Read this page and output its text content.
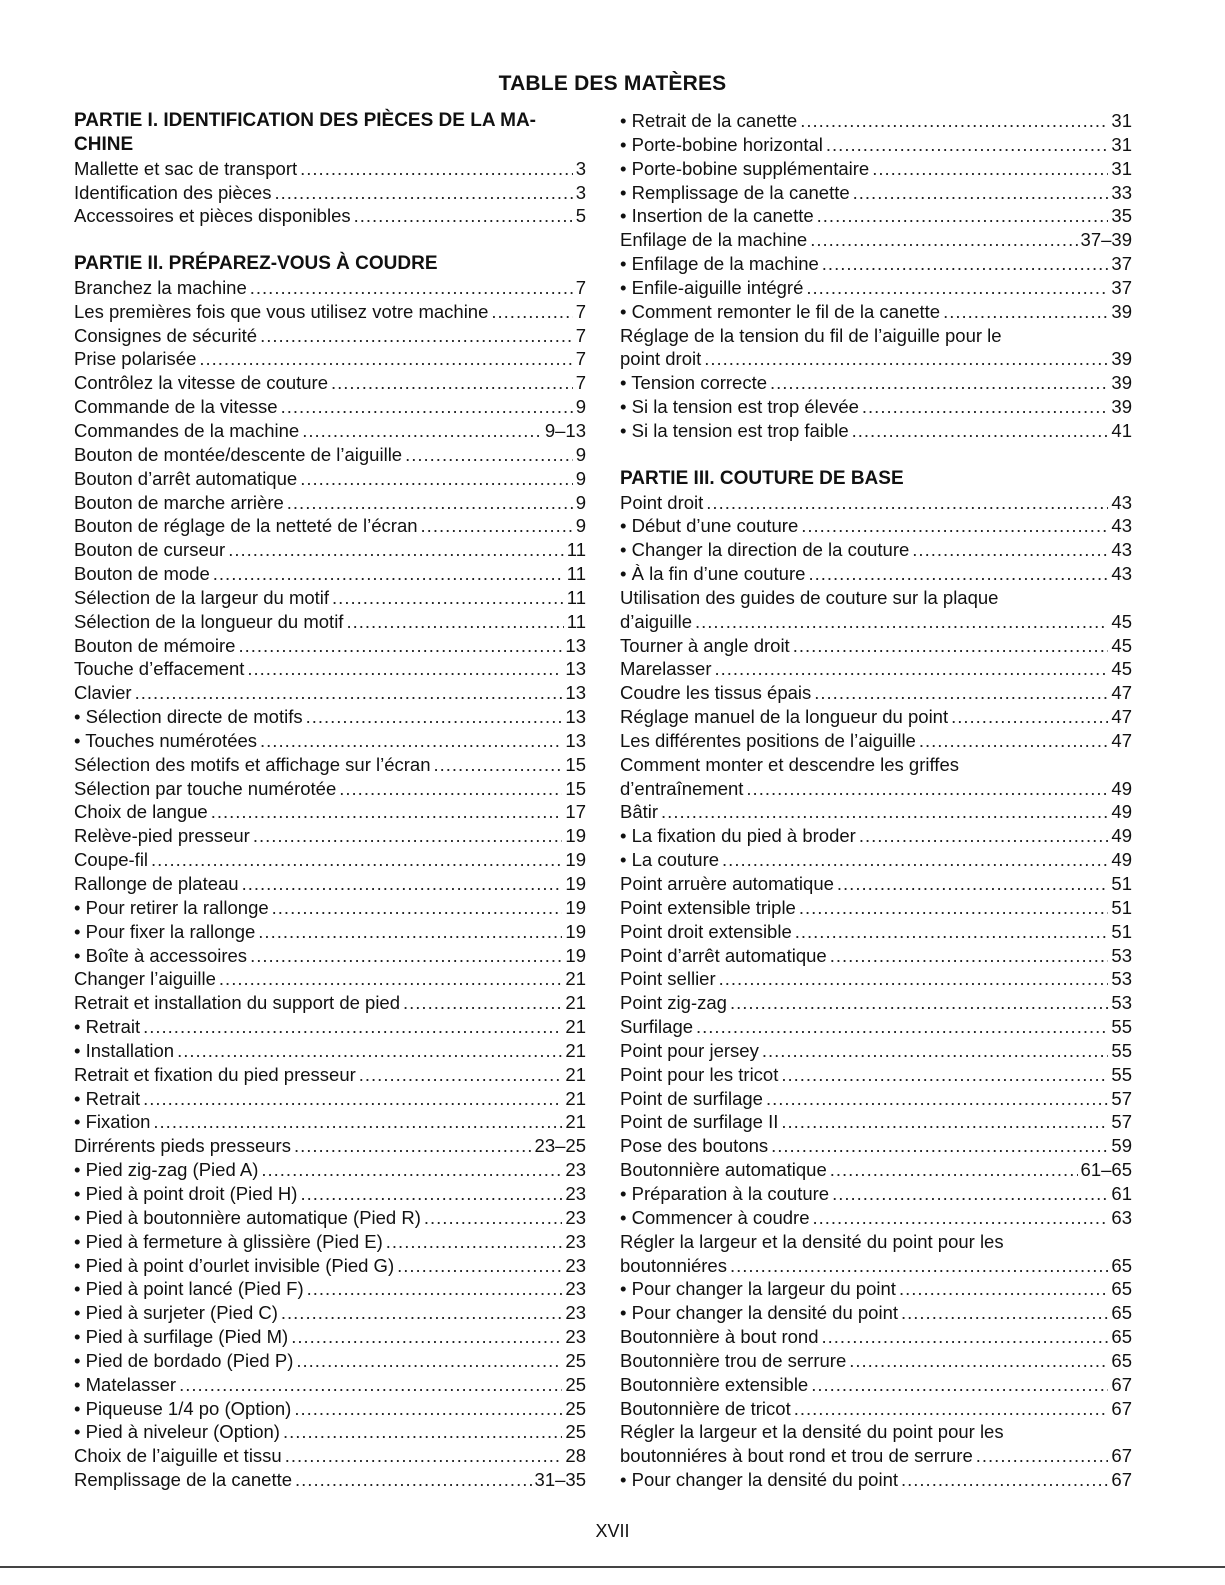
TABLE DES MATÈRES
PARTIE I. IDENTIFICATION DES PIÈCES DE LA MA-
CHINE
Mallette et sac de transport .....	3
Identification des pièces .....	3
Accessoires et pièces disponibles .....	5
PARTIE II. PRÉPAREZ-VOUS À COUDRE
Branchez la machine .....	7
Les premières fois que vous utilisez votre machine .....	7
Consignes de sécurité .....	7
Prise polarisée .....	7
Contrôlez la vitesse de couture .....	7
Commande de la vitesse .....	9
Commandes de la machine .....	9–13
Bouton de montée/descente de l’aiguille .....	9
Bouton d’arrêt automatique .....	9
Bouton de marche arrière .....	9
Bouton de réglage de la netteté de l’écran .....	9
Bouton de curseur .....	11
Bouton de mode .....	11
Sélection de la largeur du motif .....	11
Sélection de la longueur du motif .....	11
Bouton de mémoire .....	13
Touche d’effacement .....	13
Clavier .....	13
• Sélection directe de motifs .....	13
• Touches numérotées .....	13
Sélection des motifs et affichage sur l’écran .....	15
Sélection par touche numérotée .....	15
Choix de langue .....	17
Relève-pied presseur .....	19
Coupe-fil .....	19
Rallonge de plateau .....	19
• Pour retirer la rallonge .....	19
• Pour fixer la rallonge .....	19
• Boîte à accessoires .....	19
Changer l’aiguille .....	21
Retrait et installation du support de pied .....	21
• Retrait .....	21
• Installation .....	21
Retrait et fixation du pied presseur .....	21
• Retrait .....	21
• Fixation .....	21
Dirrérents pieds presseurs .....	23–25
• Pied zig-zag (Pied A) .....	23
• Pied à point droit (Pied H) .....	23
• Pied à boutonnière automatique (Pied R) .....	23
• Pied à fermeture à glissière (Pied E) .....	23
• Pied à point d’ourlet invisible (Pied G) .....	23
• Pied à point lancé (Pied F) .....	23
• Pied à surjeter (Pied C) .....	23
• Pied à surfilage (Pied M) .....	23
• Pied de bordado (Pied P) .....	25
• Matelasser .....	25
• Piqueuse 1/4 po (Option) .....	25
• Pied à niveleur (Option) .....	25
Choix de l’aiguille et tissu .....	28
Remplissage de la canette .....	31–35
• Retrait de la canette .....	31
• Porte-bobine horizontal .....	31
• Porte-bobine supplémentaire .....	31
• Remplissage de la canette .....	33
• Insertion de la canette .....	35
Enfilage de la machine .....	37–39
• Enfilage de la machine .....	37
• Enfile-aiguille intégré .....	37
• Comment remonter le fil de la canette .....	39
Réglage de la tension du fil de l’aiguille pour le
point droit .....	39
• Tension correcte .....	39
• Si la tension est trop élevée .....	39
• Si la tension est trop faible .....	41
PARTIE III. COUTURE DE BASE
Point droit .....	43
• Début d’une couture .....	43
• Changer la direction de la couture .....	43
• À la fin d’une couture .....	43
Utilisation des guides de couture sur la plaque
d’aiguille .....	45
Tourner à angle droit .....	45
Marelasser .....	45
Coudre les tissus épais .....	47
Réglage manuel de la longueur du point .....	47
Les différentes positions de l’aiguille .....	47
Comment monter et descendre les griffes
d’entraînement .....	49
Bâtir .....	49
• La fixation du pied à broder .....	49
• La couture .....	49
Point arruère automatique .....	51
Point extensible triple .....	51
Point droit extensible .....	51
Point d’arrêt automatique .....	53
Point sellier .....	53
Point zig-zag .....	53
Surfilage .....	55
Point pour jersey .....	55
Point pour les tricot .....	55
Point de surfilage .....	57
Point de surfilage II .....	57
Pose des boutons .....	59
Boutonnière automatique .....	61–65
• Préparation à la couture .....	61
• Commencer à coudre .....	63
Régler la largeur et la densité du point pour les
boutonniéres .....	65
• Pour changer la largeur du point .....	65
• Pour changer la densité du point .....	65
Boutonnière à bout rond .....	65
Boutonnière trou de serrure .....	65
Boutonnière extensible .....	67
Boutonnière de tricot .....	67
Régler la largeur et la densité du point pour les
boutonniéres à bout rond et trou de serrure .....	67
• Pour changer la densité du point .....	67
XVII
